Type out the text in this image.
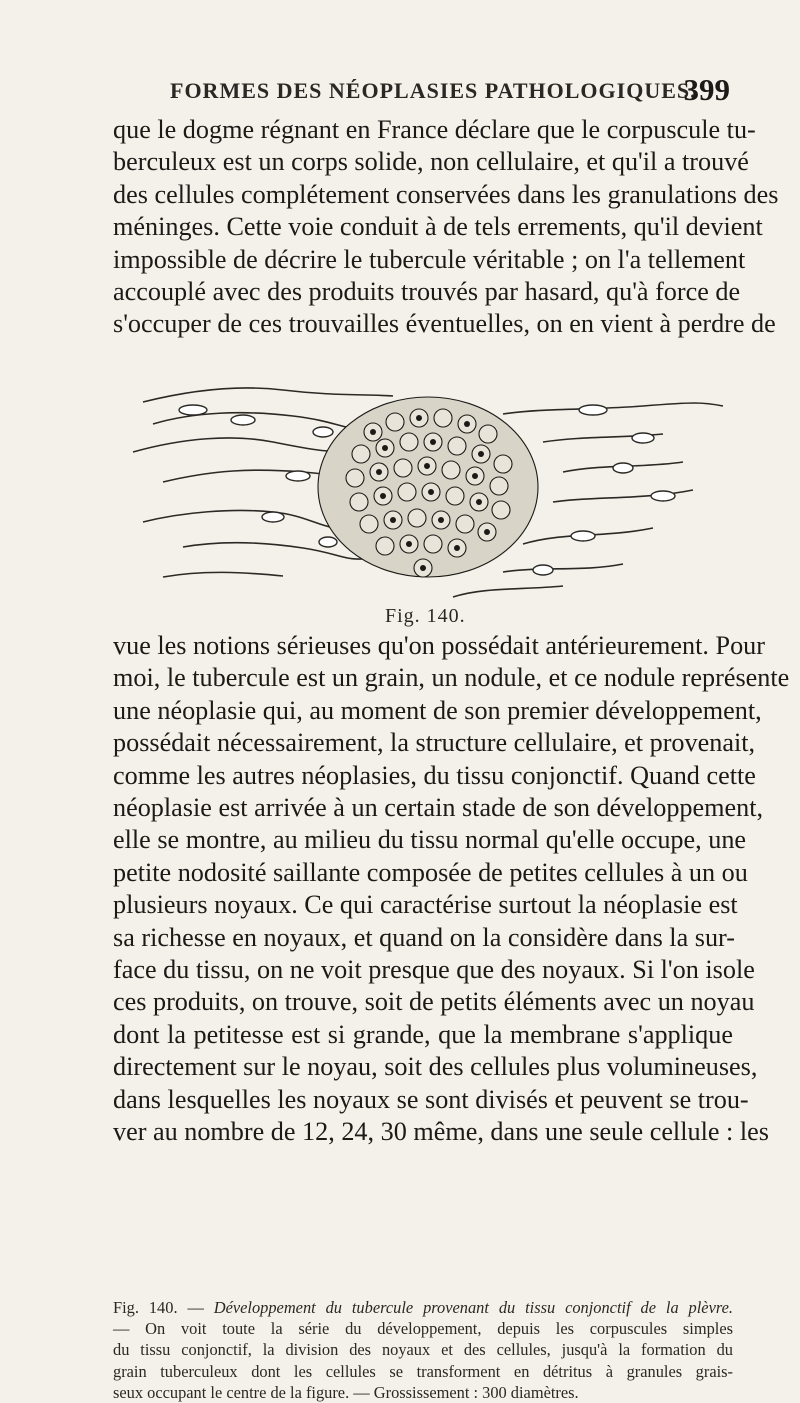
FORMES DES NÉOPLASIES PATHOLOGIQUES.
399

que le dogme régnant en France déclare que le corpuscule tu-
berculeux est un corps solide, non cellulaire, et qu'il a trouvé
des cellules complétement conservées dans les granulations des
méninges. Cette voie conduit à de tels errements, qu'il devient
impossible de décrire le tubercule véritable ; on l'a tellement
accouplé avec des produits trouvés par hasard, qu'à force de
s'occuper de ces trouvailles éventuelles, on en vient à perdre de

Fig. 140.

vue les notions sérieuses qu'on possédait antérieurement. Pour
moi, le tubercule est un grain, un nodule, et ce nodule représente
une néoplasie qui, au moment de son premier développement,
possédait nécessairement, la structure cellulaire, et provenait,
comme les autres néoplasies, du tissu conjonctif. Quand cette
néoplasie est arrivée à un certain stade de son développement,
elle se montre, au milieu du tissu normal qu'elle occupe, une
petite nodosité saillante composée de petites cellules à un ou
plusieurs noyaux. Ce qui caractérise surtout la néoplasie est
sa richesse en noyaux, et quand on la considère dans la sur-
face du tissu, on ne voit presque que des noyaux. Si l'on isole
ces produits, on trouve, soit de petits éléments avec un noyau
dont la petitesse est si grande, que la membrane s'applique
directement sur le noyau, soit des cellules plus volumineuses,
dans lesquelles les noyaux se sont divisés et peuvent se trou-
ver au nombre de 12, 24, 30 même, dans une seule cellule : les

Fig. 140. — Développement du tubercule provenant du tissu conjonctif de la plèvre.
— On voit toute la série du développement, depuis les corpuscules simples
du tissu conjonctif, la division des noyaux et des cellules, jusqu'à la formation du
grain tuberculeux dont les cellules se transforment en détritus à granules grais-
seux occupant le centre de la figure. — Grossissement : 300 diamètres.
